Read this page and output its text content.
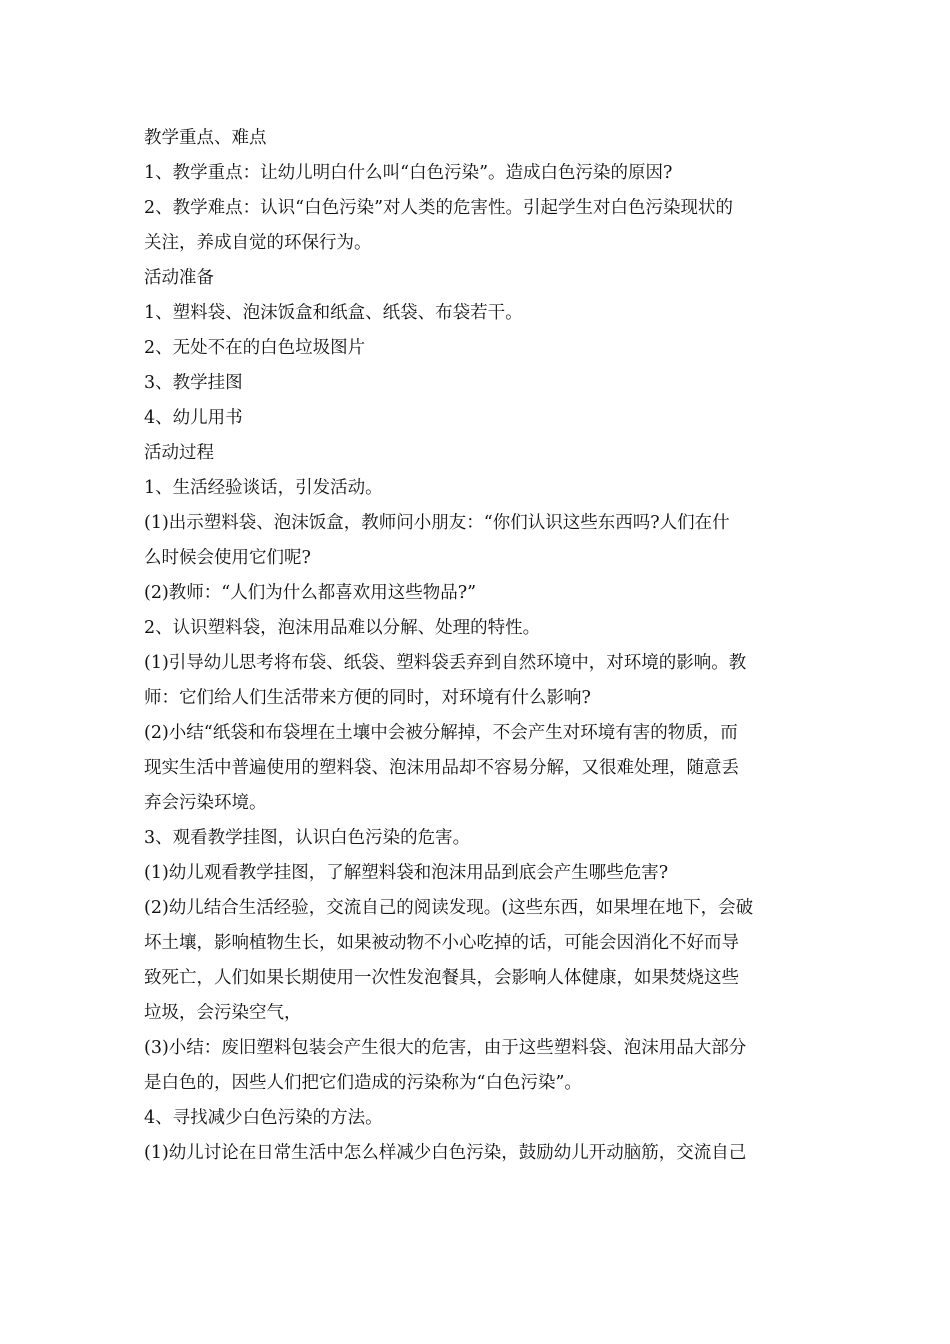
教学重点、难点
1、教学重点：让幼儿明白什么叫“白色污染”。造成白色污染的原因?
2、教学难点：认识“白色污染”对人类的危害性。引起学生对白色污染现状的
关注，养成自觉的环保行为。
活动准备
1、塑料袋、泡沫饭盒和纸盒、纸袋、布袋若干。
2、无处不在的白色垃圾图片
3、教学挂图
4、幼儿用书
活动过程
1、生活经验谈话，引发活动。
(1)出示塑料袋、泡沫饭盒，教师问小朋友：“你们认识这些东西吗?人们在什
么时候会使用它们呢?
(2)教师：“人们为什么都喜欢用这些物品?”
2、认识塑料袋，泡沫用品难以分解、处理的特性。
(1)引导幼儿思考将布袋、纸袋、塑料袋丢弃到自然环境中，对环境的影响。教
师：它们给人们生活带来方便的同时，对环境有什么影响?
(2)小结“纸袋和布袋埋在土壤中会被分解掉，不会产生对环境有害的物质，而
现实生活中普遍使用的塑料袋、泡沫用品却不容易分解，又很难处理，随意丢
弃会污染环境。
3、观看教学挂图，认识白色污染的危害。
(1)幼儿观看教学挂图，了解塑料袋和泡沫用品到底会产生哪些危害?
(2)幼儿结合生活经验，交流自己的阅读发现。(这些东西，如果埋在地下，会破
坏土壤，影响植物生长，如果被动物不小心吃掉的话，可能会因消化不好而导
致死亡，人们如果长期使用一次性发泡餐具，会影响人体健康，如果焚烧这些
垃圾，会污染空气，
(3)小结：废旧塑料包装会产生很大的危害，由于这些塑料袋、泡沫用品大部分
是白色的，因些人们把它们造成的污染称为“白色污染”。
4、寻找减少白色污染的方法。
(1)幼儿讨论在日常生活中怎么样减少白色污染，鼓励幼儿开动脑筋，交流自己
